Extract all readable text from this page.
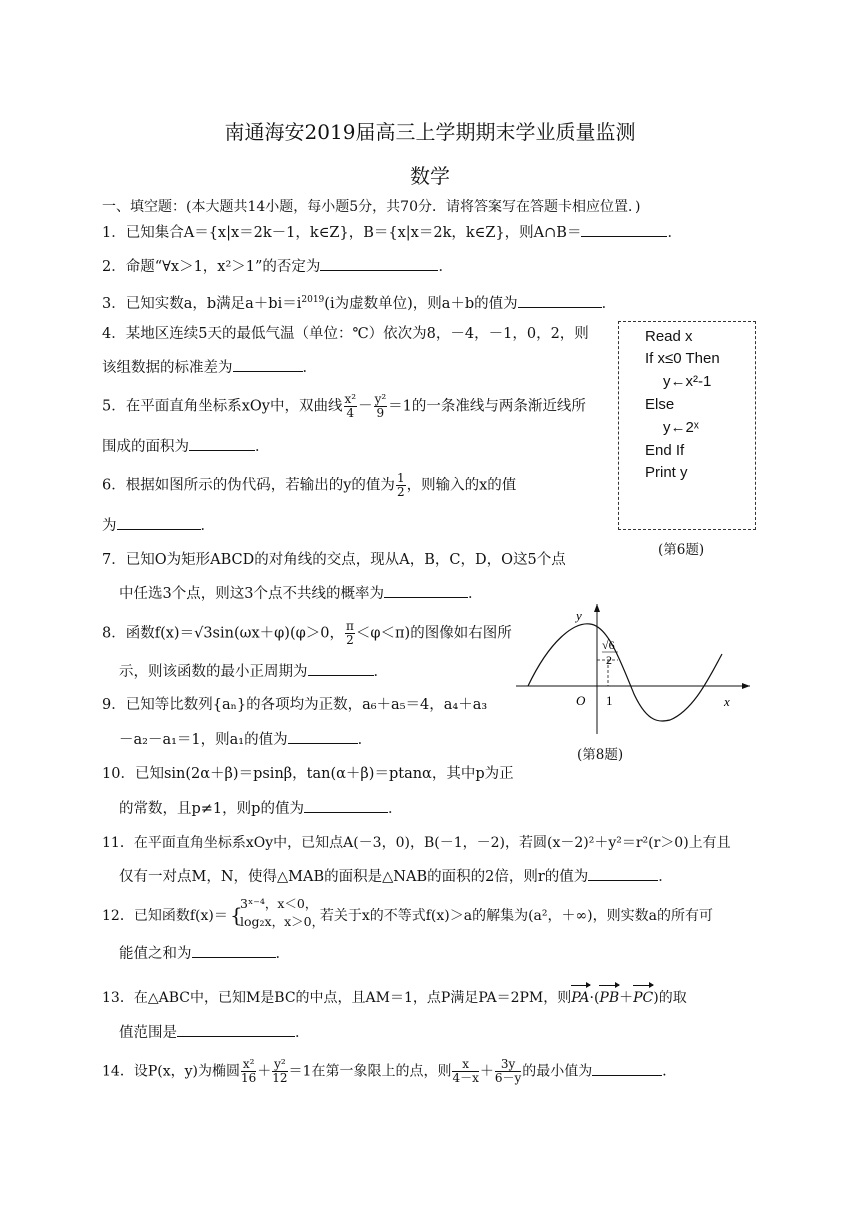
南通海安2019届高三上学期期末学业质量监测
数学
一、填空题：(本大题共14小题，每小题5分，共70分．请将答案写在答题卡相应位置．)
1．已知集合A＝{x|x＝2k－1，k∈Z}，B＝{x|x＝2k，k∈Z}，则A∩B＝	．
2．命题“∀x＞1，x²＞1”的否定为	．
3．已知实数a，b满足$a+bi=i^{2019}(i$为虚数单位)，则a＋b的值为	．
4．某地区连续5天的最低气温（单位：℃）依次为8，－4，－1，0，2，则
该组数据的标准差为	．
5．在平面直角坐标系xOy中，双曲线 $\frac{\text{x²}}{4} - \frac{\text{y²}}{9} =1$的一条准线与两条渐近线所
围成的面积为	．
6．根据如图所示的伪代码，若输出的y的值为 $\frac{1}{2}$ ，则输入的x的值
为	．
Read x
If x≤0 Then
y←x²-1
Else
y←2ˣ
End If
Print y
(第6题)
7．已知O为矩形ABCD的对角线的交点，现从A，B，C，D，O这5个点
中任选3个点，则这3个点不共线的概率为	．
y
x
O 1
√6
2
(第8题)
8．函数f(x)＝√3sin(ωx＋φ)(φ＞0， $\frac{\pi}{2} <\varphi<\pi$)的图像如右图所
示，则该函数的最小正周期为	．
9．已知等比数列{aₙ}的各项均为正数，a₆＋a₅＝4，a₄＋a₃
－a₂－a₁＝1，则a₁的值为	．
10．已知sin(2α＋β)＝psinβ，tan(α＋β)＝ptanα，其中p为正
的常数，且p≠1，则p的值为	．
11．在平面直角坐标系xOy中，已知点A(－3，0)，B(－1，－2)，若圆(x－2)²＋y²＝r²(r＞0)上有且
仅有一对点M，N，使得△MAB的面积是△NAB的面积的2倍，则r的值为	．
12．已知函数f(x)＝	若关于x的不等式f(x)＞a的解集为(a²，＋∞)，则实数a的所有可
{
3ˣ⁻⁴，x＜0，
log₂x，x＞0，
能值之和为	．
13．在△ABC中，已知M是BC的中点，且AM＝1，点P满足PA＝2PM，则PA·(PB＋PC)的取
值范围是	．
14．设P(x，y)为椭圆 $\frac{\text{x²}}{16} + \frac{\text{y²}}{12} =1$在第一象限上的点，则 $\frac{x}{4-x} + \frac{3y}{6-y}$ 的最小值为	．
